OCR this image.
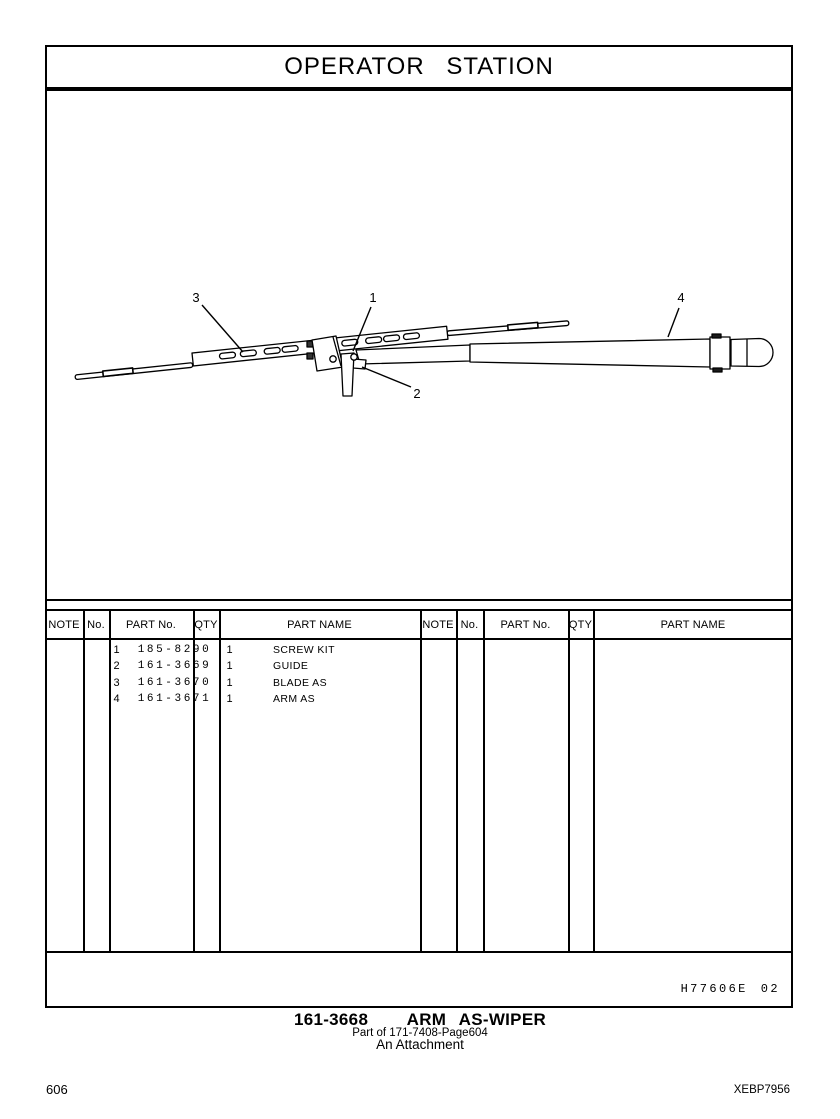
OPERATOR STATION
3	1
2
4
NOTE No.	PART No.	QTY	PART NAME	NOTE No.	PART No.	QTY	PART NAME
1	185-8290	1	SCREW KIT
2	161-3669	1	GUIDE
3	161-3670	1	BLADE AS
4	161-3671	1	ARM AS
H77606E 02
161-3668   ARM AS-WIPER
Part of 171-7408-Page604
An Attachment
606	XEBP7956
